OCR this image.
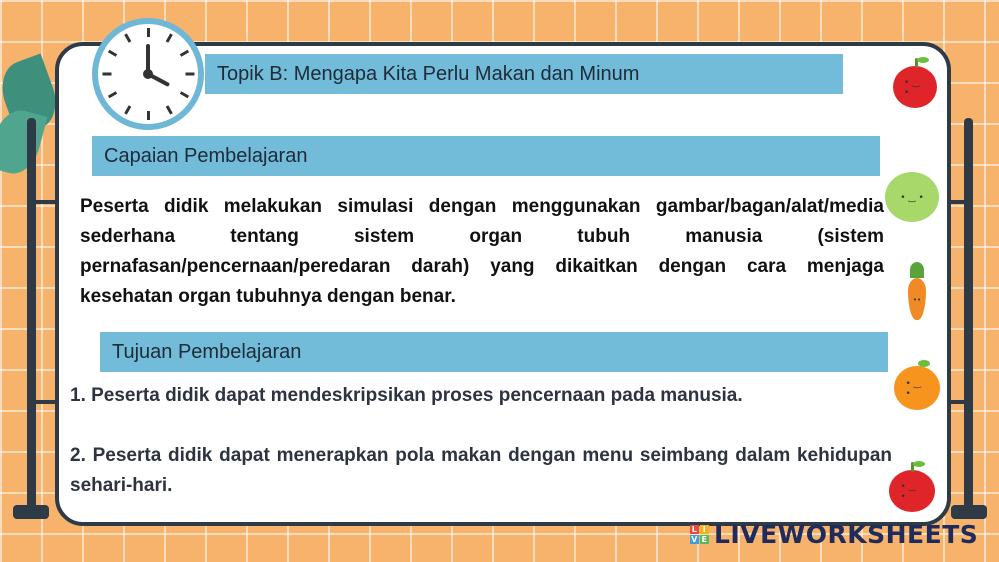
Topik B: Mengapa Kita Perlu Makan dan Minum
Capaian Pembelajaran
Peserta didik melakukan simulasi dengan menggunakan gambar/bagan/alat/media sederhana tentang sistem organ tubuh manusia (sistem pernafasan/pencernaan/peredaran darah) yang dikaitkan dengan cara menjaga kesehatan organ tubuhnya dengan benar.
Tujuan Pembelajaran
1. Peserta didik dapat mendeskripsikan proses pencernaan pada manusia.
2. Peserta didik dapat menerapkan pola makan dengan menu seimbang dalam kehidupan sehari-hari.
• ‿ •
• ‿ •
••
• ‿ •
• ‿ •
L I
V E LIVEWORKSHEETS
